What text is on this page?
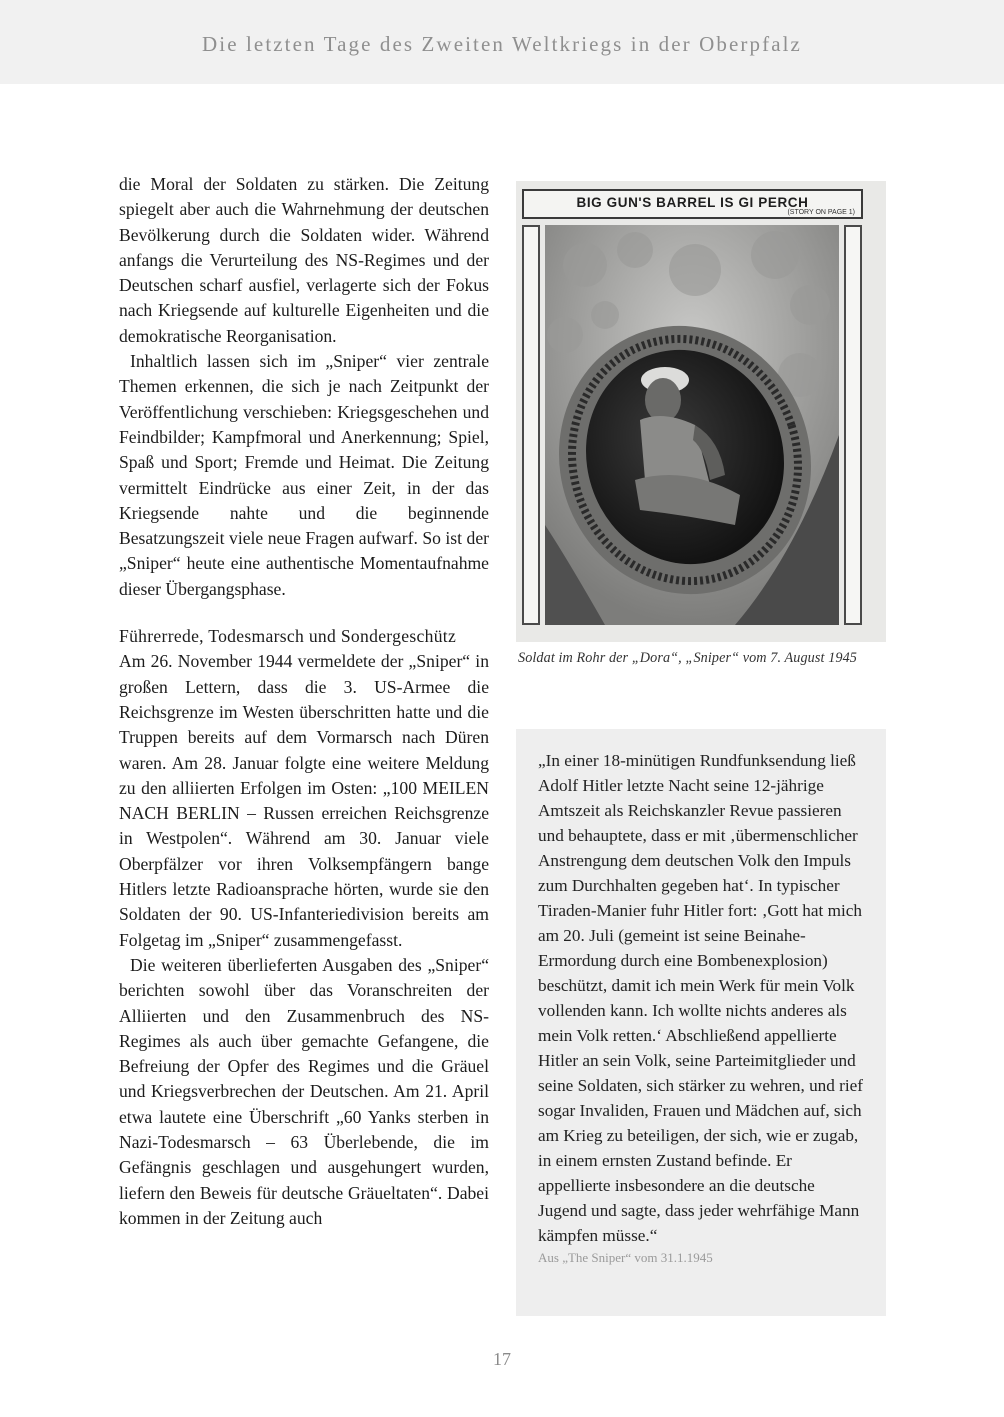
Die letzten Tage des Zweiten Weltkriegs in der Oberpfalz

die Moral der Soldaten zu stärken. Die Zeitung spiegelt aber auch die Wahrnehmung der deutschen Bevölkerung durch die Soldaten wider. Während anfangs die Verurteilung des NS-Regimes und der Deutschen scharf ausfiel, verlagerte sich der Fokus nach Kriegsende auf kulturelle Eigenheiten und die demokratische Reorganisation.

Inhaltlich lassen sich im „Sniper“ vier zentrale Themen erkennen, die sich je nach Zeitpunkt der Veröffentlichung verschieben: Kriegsgeschehen und Feindbilder; Kampfmoral und Anerkennung; Spiel, Spaß und Sport; Fremde und Heimat. Die Zeitung vermittelt Eindrücke aus einer Zeit, in der das Kriegsende nahte und die beginnende Besatzungszeit viele neue Fragen aufwarf. So ist der „Sniper“ heute eine authentische Momentaufnahme dieser Übergangsphase.

Führerrede, Todesmarsch und Sondergeschütz

Am 26. November 1944 vermeldete der „Sniper“ in großen Lettern, dass die 3. US-Armee die Reichsgrenze im Westen überschritten hatte und die Truppen bereits auf dem Vormarsch nach Düren waren. Am 28. Januar folgte eine weitere Meldung zu den alliierten Erfolgen im Osten: „100 MEILEN NACH BERLIN – Russen erreichen Reichsgrenze in Westpolen“. Während am 30. Januar viele Oberpfälzer vor ihren Volksempfängern bange Hitlers letzte Radioansprache hörten, wurde sie den Soldaten der 90. US-Infanteriedivision bereits am Folgetag im „Sniper“ zusammengefasst.

Die weiteren überlieferten Ausgaben des „Sniper“ berichten sowohl über das Voranschreiten der Alliierten und den Zusammenbruch des NS-Regimes als auch über gemachte Gefangene, die Befreiung der Opfer des Regimes und die Gräuel und Kriegsverbrechen der Deutschen. Am 21. April etwa lautete eine Überschrift „60 Yanks sterben in Nazi-Todesmarsch – 63 Überlebende, die im Gefängnis geschlagen und ausgehungert wurden, liefern den Beweis für deutsche Gräueltaten“. Dabei kommen in der Zeitung auch

BIG GUN'S BARREL IS GI PERCH
(STORY ON PAGE 1)
Soldat im Rohr der „Dora“, „Sniper“ vom 7. August 1945

„In einer 18-minütigen Rundfunksendung ließ Adolf Hitler letzte Nacht seine 12-jährige Amtszeit als Reichskanzler Revue passieren und behauptete, dass er mit ‚übermenschlicher Anstrengung dem deutschen Volk den Impuls zum Durchhalten gegeben hat‘. In typischer Tiraden-Manier fuhr Hitler fort: ‚Gott hat mich am 20. Juli (gemeint ist seine Beinahe-Ermordung durch eine Bombenexplosion) beschützt, damit ich mein Werk für mein Volk vollenden kann. Ich wollte nichts anderes als mein Volk retten.‘ Abschließend appellierte Hitler an sein Volk, seine Parteimitglieder und seine Soldaten, sich stärker zu wehren, und rief sogar Invaliden, Frauen und Mädchen auf, sich am Krieg zu beteiligen, der sich, wie er zugab, in einem ernsten Zustand befinde. Er appellierte insbesondere an die deutsche Jugend und sagte, dass jeder wehrfähige Mann kämpfen müsse.“

Aus „The Sniper“ vom 31.1.1945
17
